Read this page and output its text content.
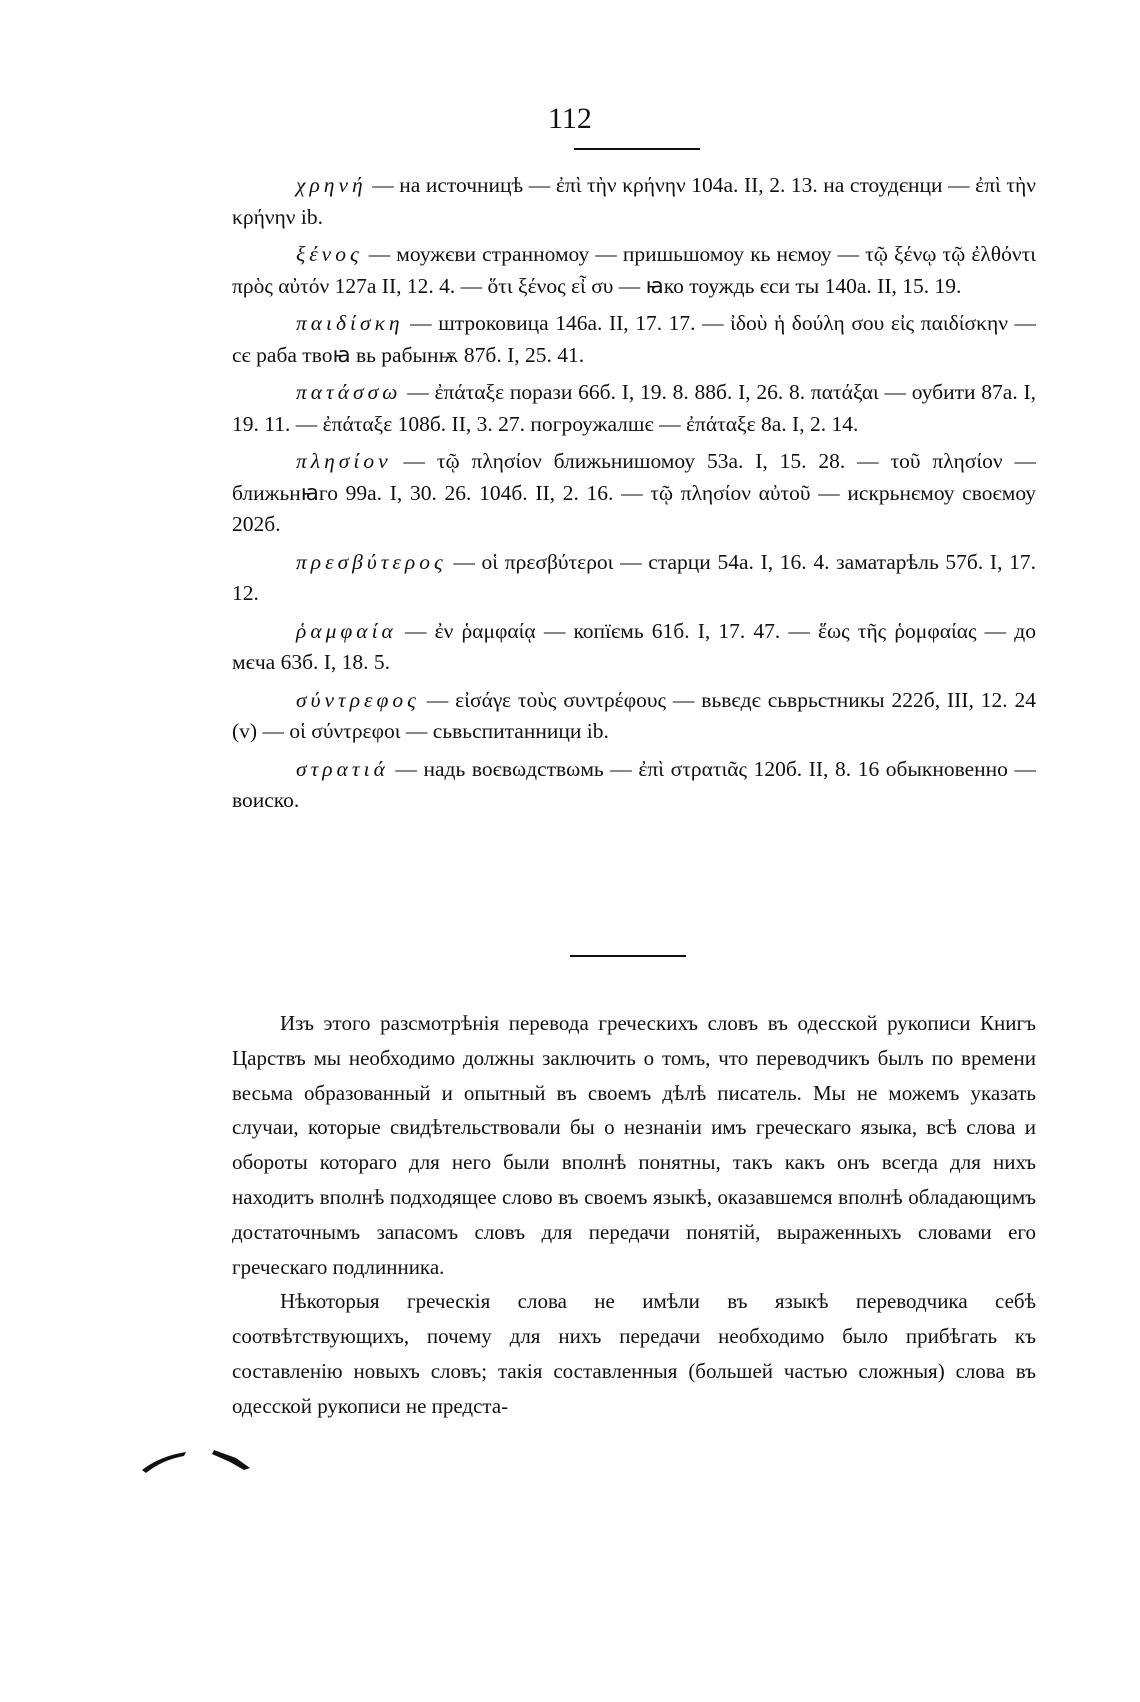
112

χρηνή — на источницѣ — ἐπὶ τὴν κρήνην 104а. II, 2. 13. на стоудєнци — ἐπὶ τὴν κρήνην ib.

ξένος — моужєви странномоу — пришьшомоу кь нємоу — τῷ ξένῳ τῷ ἐλθόντι πρὸς αὐτόν 127а II, 12. 4. — ὅτι ξένος εἶ συ — ꙗко тоуждь єси ты 140а. II, 15. 19.

παιδίσκη — штроковица 146а. II, 17. 17. — ἰδοὺ ἡ δούλη σου εἰς παιδίσκην — сє раба твоꙗ вь рабынѭ 87б. I, 25. 41.

πατάσσω — ἐπάταξε порази 66б. I, 19. 8. 88б. I, 26. 8. πατάξαι — оубити 87а. I, 19. 11. — ἐπάταξε 108б. II, 3. 27. погроужалшє — ἐπάταξε 8а. I, 2. 14.

πλησίον — τῷ πλησίον ближьнишомоу 53а. I, 15. 28. — τοῦ πλησίον — ближьнꙗго 99а. I, 30. 26. 104б. II, 2. 16. — τῷ πλησίον αὐτοῦ — искрьнємоу своємоу 202б.

πρεσβύτερος — οἱ πρεσβύτεροι — старци 54а. I, 16. 4. заматарѣль 57б. I, 17. 12.

ῥαμφαία — ἐν ῥαμφαίᾳ — копїємь 61б. I, 17. 47. — ἕως τῆς ῥομφαίας — до мєча 63б. I, 18. 5.

σύντρεφος — εἰσάγε τοὺς συντρέφους — вьвєдє сьврьстникы 222б, III, 12. 24 (v) — οἱ σύντρεφοι — сьвьспитанници ib.

στρατιά — надь воєвωдствωмь — ἐπὶ στρατιᾶς 120б. II, 8. 16 обыкновенно — воиско.

Изъ этого разсмотрѣнія перевода греческихъ словъ въ одесской рукописи Книгъ Царствъ мы необходимо должны заключить о томъ, что переводчикъ былъ по времени весьма образованный и опытный въ своемъ дѣлѣ писатель. Мы не можемъ указать случаи, которые свидѣтельствовали бы о незнаніи имъ греческаго языка, всѣ слова и обороты котораго для него были вполнѣ понятны, такъ какъ онъ всегда для нихъ находитъ вполнѣ подходящее слово въ своемъ языкѣ, оказавшемся вполнѣ обладающимъ достаточнымъ запасомъ словъ для передачи понятій, выраженныхъ словами его греческаго подлинника.

Нѣкоторыя греческія слова не имѣли въ языкѣ переводчика себѣ соотвѣтствующихъ, почему для нихъ передачи необходимо было прибѣгать къ составленію новыхъ словъ; такія составленныя (большей частью сложныя) слова въ одесской рукописи не предста-
